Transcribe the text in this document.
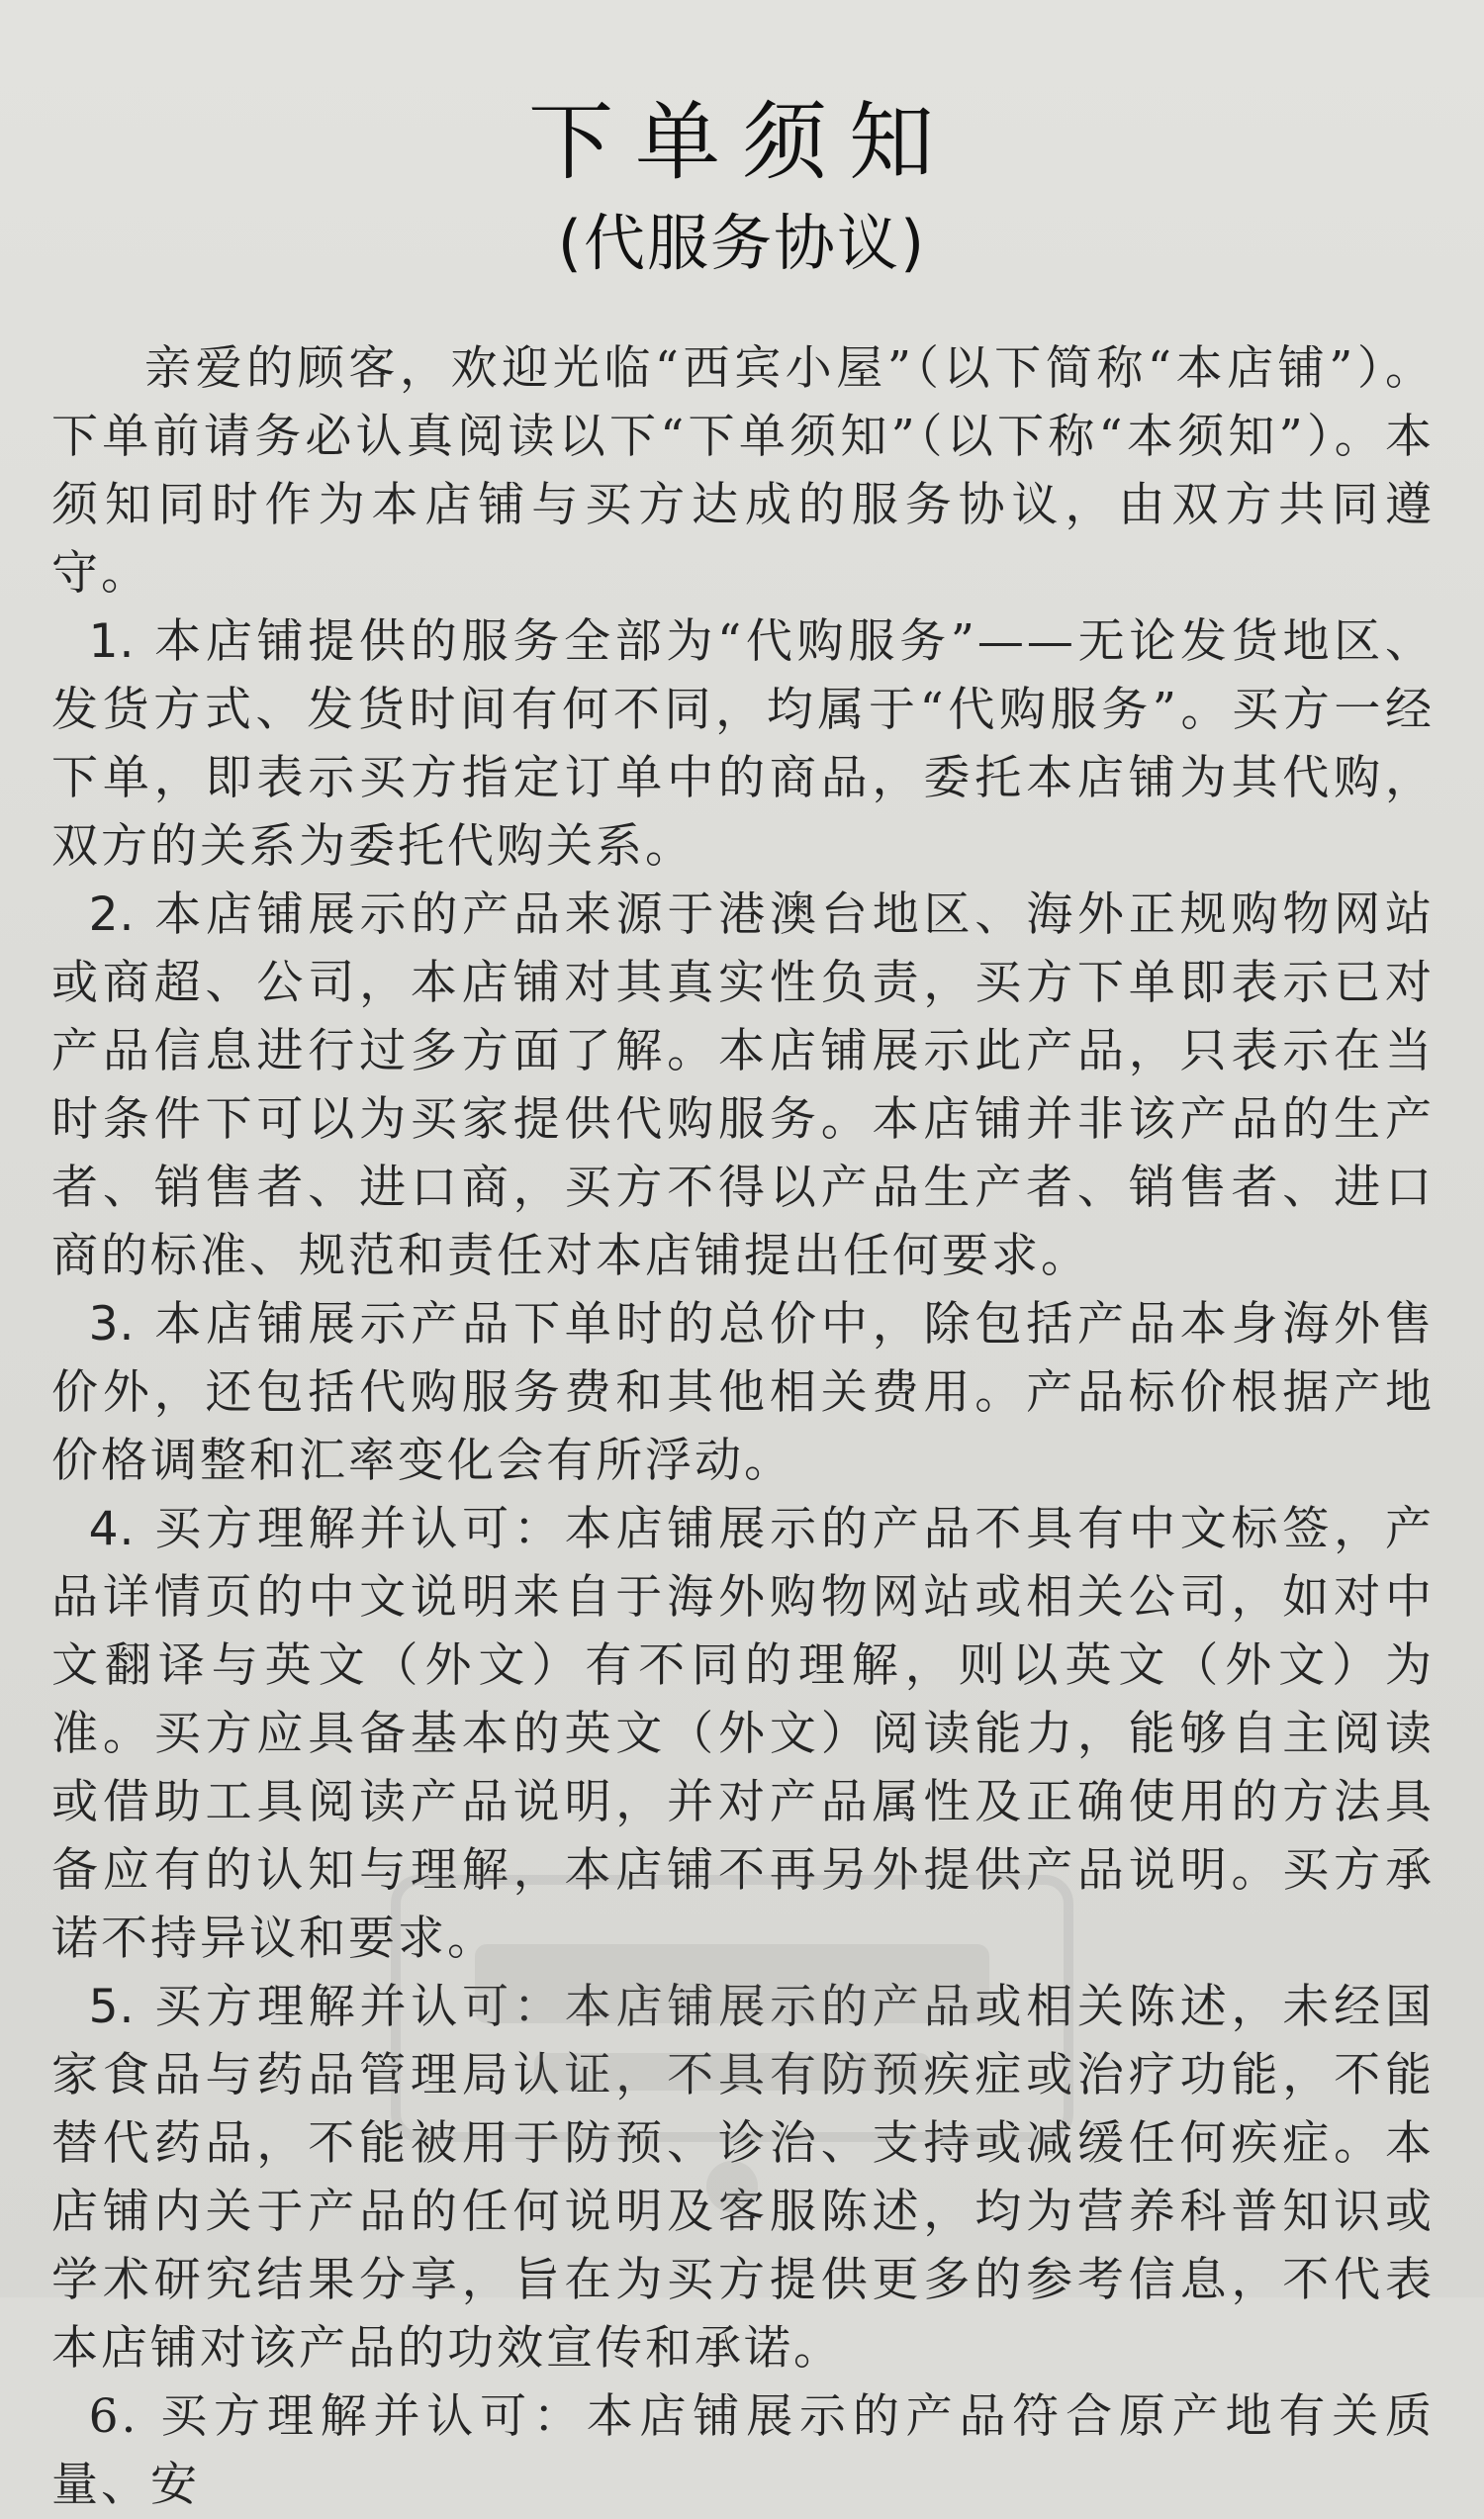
下单须知
(代服务协议)

亲爱的顾客，欢迎光临“西宾小屋”（以下简称“本店铺”）。下单前请务必认真阅读以下“下单须知”（以下称“本须知”）。本须知同时作为本店铺与买方达成的服务协议，由双方共同遵守。

1. 本店铺提供的服务全部为“代购服务”——无论发货地区、发货方式、发货时间有何不同，均属于“代购服务”。买方一经下单，即表示买方指定订单中的商品，委托本店铺为其代购，双方的关系为委托代购关系。

2. 本店铺展示的产品来源于港澳台地区、海外正规购物网站或商超、公司，本店铺对其真实性负责，买方下单即表示已对产品信息进行过多方面了解。本店铺展示此产品，只表示在当时条件下可以为买家提供代购服务。本店铺并非该产品的生产者、销售者、进口商，买方不得以产品生产者、销售者、进口商的标准、规范和责任对本店铺提出任何要求。

3. 本店铺展示产品下单时的总价中，除包括产品本身海外售价外，还包括代购服务费和其他相关费用。产品标价根据产地价格调整和汇率变化会有所浮动。

4. 买方理解并认可：本店铺展示的产品不具有中文标签，产品详情页的中文说明来自于海外购物网站或相关公司，如对中文翻译与英文（外文）有不同的理解，则以英文（外文）为准。买方应具备基本的英文（外文）阅读能力，能够自主阅读或借助工具阅读产品说明，并对产品属性及正确使用的方法具备应有的认知与理解，本店铺不再另外提供产品说明。买方承诺不持异议和要求。

5. 买方理解并认可：本店铺展示的产品或相关陈述，未经国家食品与药品管理局认证，不具有防预疾症或治疗功能，不能替代药品，不能被用于防预、诊治、支持或减缓任何疾症。本店铺内关于产品的任何说明及客服陈述，均为营养科普知识或学术研究结果分享，旨在为买方提供更多的参考信息，不代表本店铺对该产品的功效宣传和承诺。

6. 买方理解并认可：本店铺展示的产品符合原产地有关质量、安
